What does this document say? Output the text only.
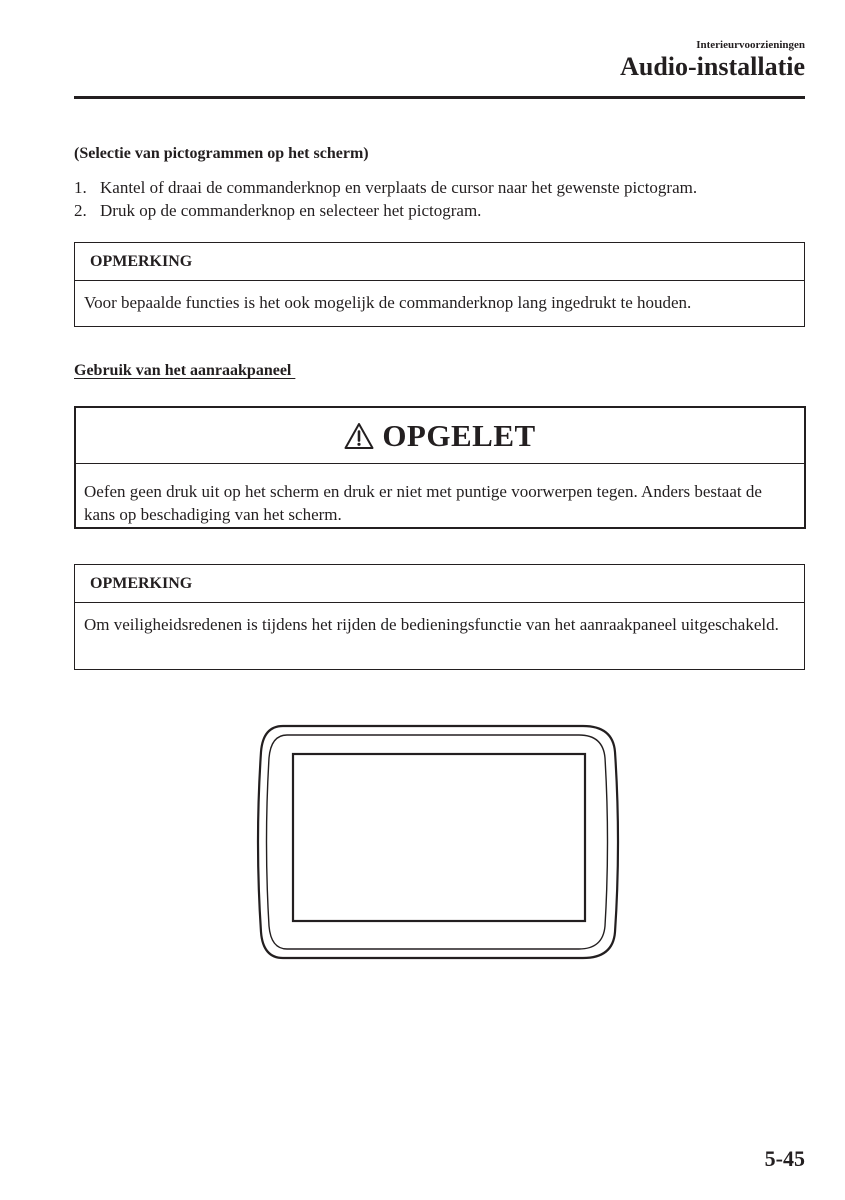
Interieurvoorzieningen
Audio-installatie
(Selectie van pictogrammen op het scherm)
1. Kantel of draai de commanderknop en verplaats de cursor naar het gewenste pictogram.
2. Druk op de commanderknop en selecteer het pictogram.
OPMERKING
Voor bepaalde functies is het ook mogelijk de commanderknop lang ingedrukt te houden.
Gebruik van het aanraakpaneel
OPGELET
Oefen geen druk uit op het scherm en druk er niet met puntige voorwerpen tegen. Anders bestaat de kans op beschadiging van het scherm.
OPMERKING
Om veiligheidsredenen is tijdens het rijden de bedieningsfunctie van het aanraakpaneel uitgeschakeld.
5-45
